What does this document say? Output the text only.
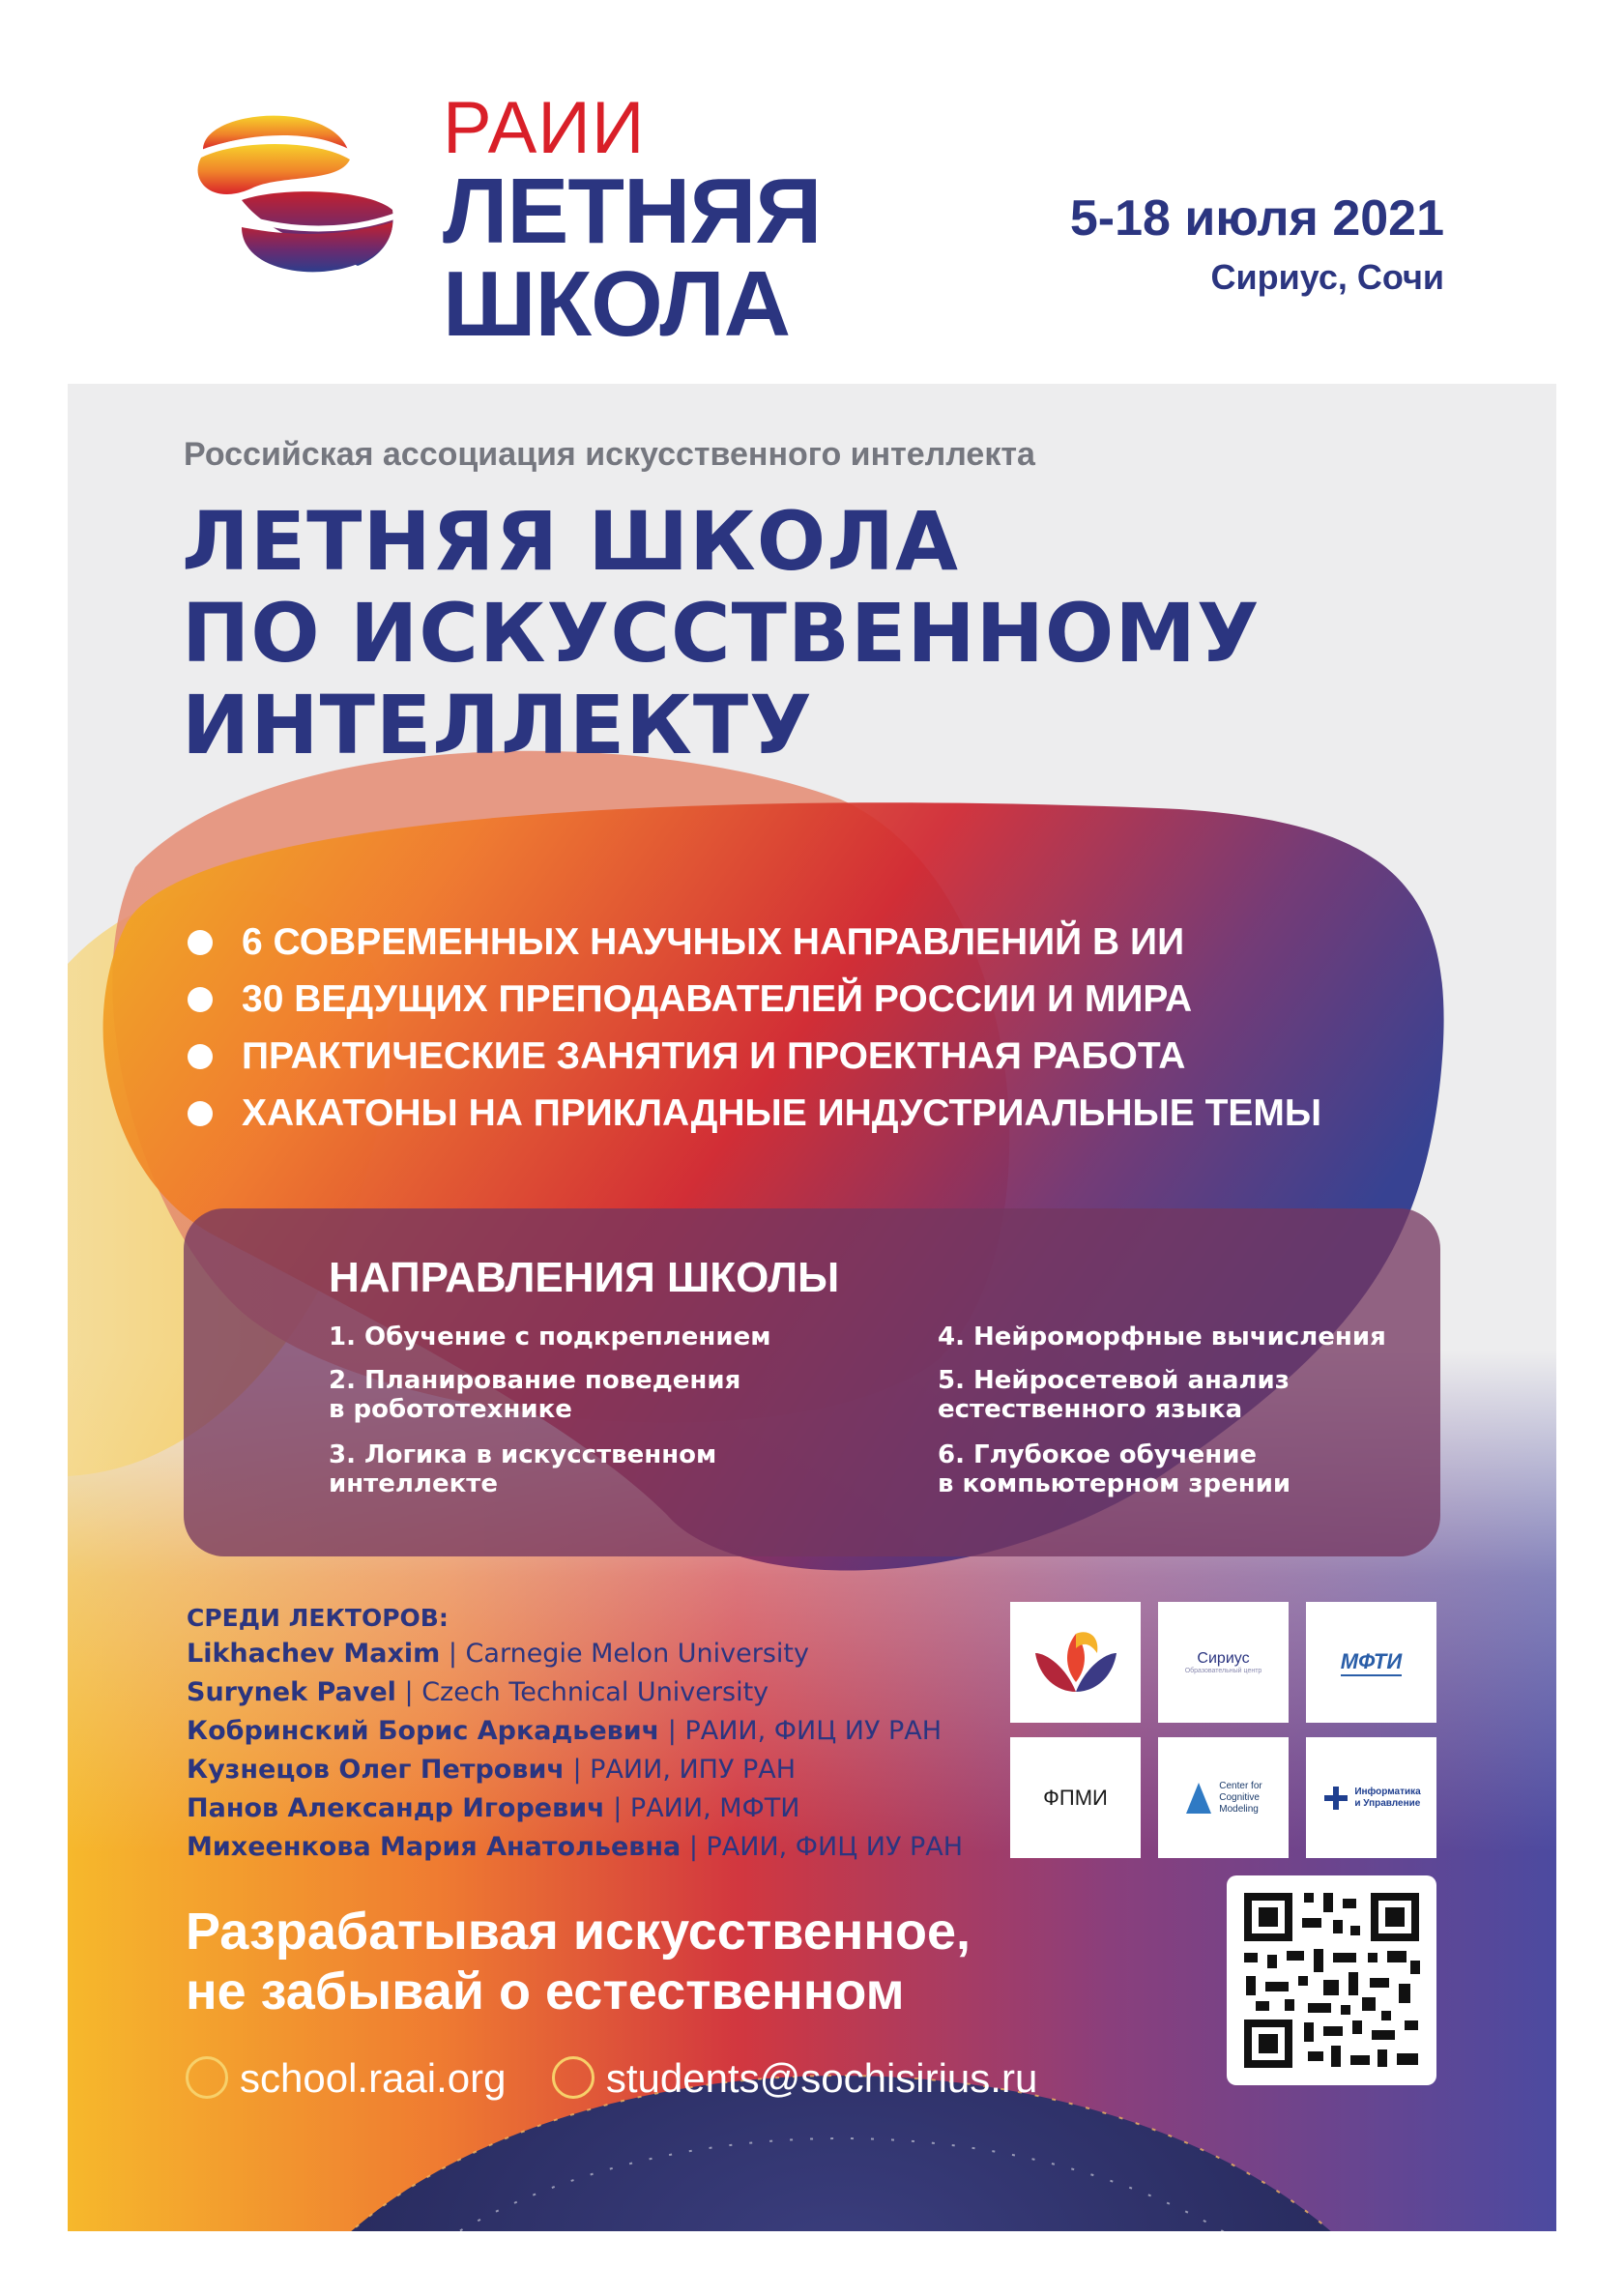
РАИИ
ЛЕТНЯЯ
ШКОЛА
5-18 июля 2021
Сириус, Сочи
Российская ассоциация искусственного интеллекта
ЛЕТНЯЯ ШКОЛА
ПО ИСКУССТВЕННОМУ
ИНТЕЛЛЕКТУ
6 СОВРЕМЕННЫХ НАУЧНЫХ НАПРАВЛЕНИЙ В ИИ
30 ВЕДУЩИХ ПРЕПОДАВАТЕЛЕЙ РОССИИ И МИРА
ПРАКТИЧЕСКИЕ ЗАНЯТИЯ И ПРОЕКТНАЯ РАБОТА
ХАКАТОНЫ НА ПРИКЛАДНЫЕ ИНДУСТРИАЛЬНЫЕ ТЕМЫ
НАПРАВЛЕНИЯ ШКОЛЫ
1. Обучение с подкреплением
2. Планирование поведения
в робототехнике
3. Логика в искусственном
интеллекте
4. Нейроморфные вычисления
5. Нейросетевой анализ
естественного языка
6. Глубокое обучение
в компьютерном зрении
СРЕДИ ЛЕКТОРОВ:
Likhachev Maxim | Carnegie Melon University
Surynek Pavel | Czech Technical University
Кобринский Борис Аркадьевич | РАИИ, ФИЦ ИУ РАН
Кузнецов Олег Петрович | РАИИ, ИПУ РАН
Панов Александр Игоревич | РАИИ, МФТИ
Михеенкова Мария Анатольевна | РАИИ, ФИЦ ИУ РАН
Сириус
Образовательный центр	МФТИ
ФПМИ	Center for
Cognitive
Modeling
Информатика
и Управление
Разрабатывая искусственное,
не забывай о естественном
school.raai.org students@sochisirius.ru
